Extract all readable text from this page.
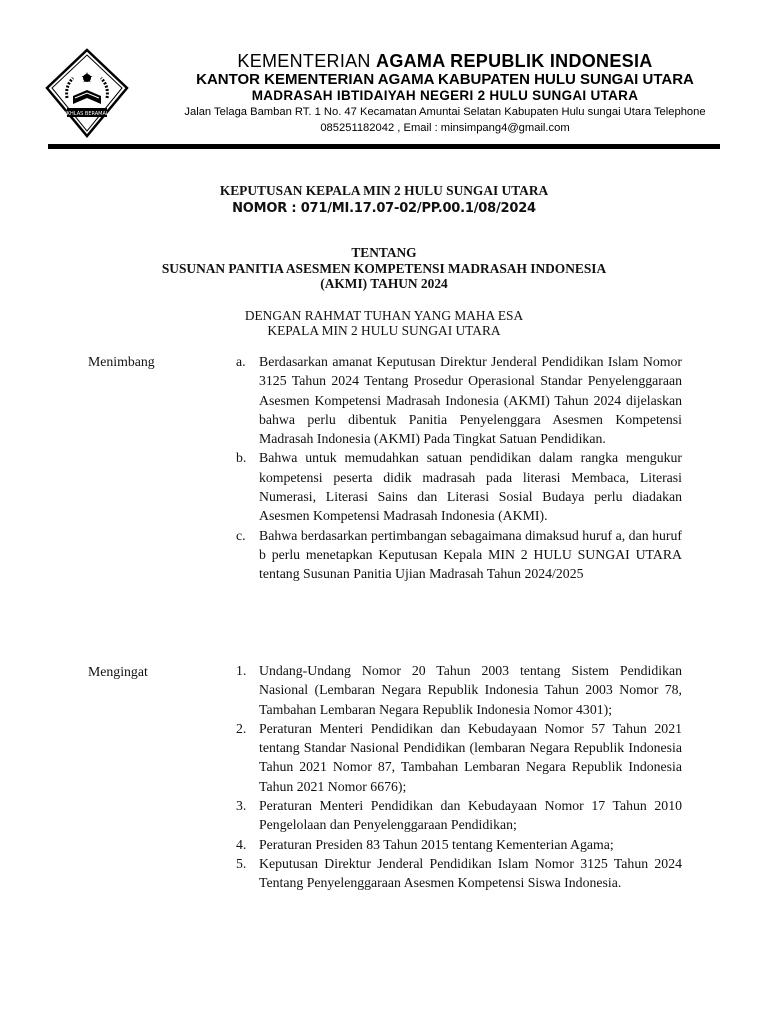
IKHLAS BERAMAL
KEMENTERIAN AGAMA REPUBLIK INDONESIA
KANTOR KEMENTERIAN AGAMA KABUPATEN HULU SUNGAI UTARA
MADRASAH IBTIDAIYAH NEGERI 2 HULU SUNGAI UTARA
Jalan Telaga Bamban RT. 1 No. 47 Kecamatan Amuntai Selatan Kabupaten Hulu sungai Utara Telephone
085251182042 , Email : minsimpang4@gmail.com
KEPUTUSAN KEPALA MIN 2 HULU SUNGAI UTARA
NOMOR : 071/MI.17.07-02/PP.00.1/08/2024
TENTANG
SUSUNAN PANITIA ASESMEN KOMPETENSI MADRASAH INDONESIA
(AKMI) TAHUN 2024
DENGAN RAHMAT TUHAN YANG MAHA ESA
KEPALA MIN 2 HULU SUNGAI UTARA
Menimbang	a. Berdasarkan amanat Keputusan Direktur Jenderal Pendidikan Islam Nomor 3125 Tahun 2024 Tentang Prosedur Operasional Standar Penyelenggaraan Asesmen Kompetensi Madrasah Indonesia (AKMI) Tahun 2024 dijelaskan bahwa perlu dibentuk Panitia Penyelenggara Asesmen Kompetensi Madrasah Indonesia (AKMI) Pada Tingkat Satuan Pendidikan.
b. Bahwa untuk memudahkan satuan pendidikan dalam rangka mengukur kompetensi peserta didik madrasah pada literasi Membaca, Literasi Numerasi, Literasi Sains dan Literasi Sosial Budaya perlu diadakan Asesmen Kompetensi Madrasah Indonesia (AKMI).
c. Bahwa berdasarkan pertimbangan sebagaimana dimaksud huruf a, dan huruf b perlu menetapkan Keputusan Kepala MIN 2 HULU SUNGAI UTARA tentang Susunan Panitia Ujian Madrasah Tahun 2024/2025
Mengingat	1. Undang-Undang Nomor 20 Tahun 2003 tentang Sistem Pendidikan Nasional (Lembaran Negara Republik Indonesia Tahun 2003 Nomor 78, Tambahan Lembaran Negara Republik Indonesia Nomor 4301);
2. Peraturan Menteri Pendidikan dan Kebudayaan Nomor 57 Tahun 2021 tentang Standar Nasional Pendidikan (lembaran Negara Republik Indonesia Tahun 2021 Nomor 87, Tambahan Lembaran Negara Republik Indonesia Tahun 2021 Nomor 6676);
3. Peraturan Menteri Pendidikan dan Kebudayaan Nomor 17 Tahun 2010 Pengelolaan dan Penyelenggaraan Pendidikan;
4. Peraturan Presiden 83 Tahun 2015 tentang Kementerian Agama;
5. Keputusan Direktur Jenderal Pendidikan Islam Nomor 3125 Tahun 2024 Tentang Penyelenggaraan Asesmen Kompetensi Siswa Indonesia.
